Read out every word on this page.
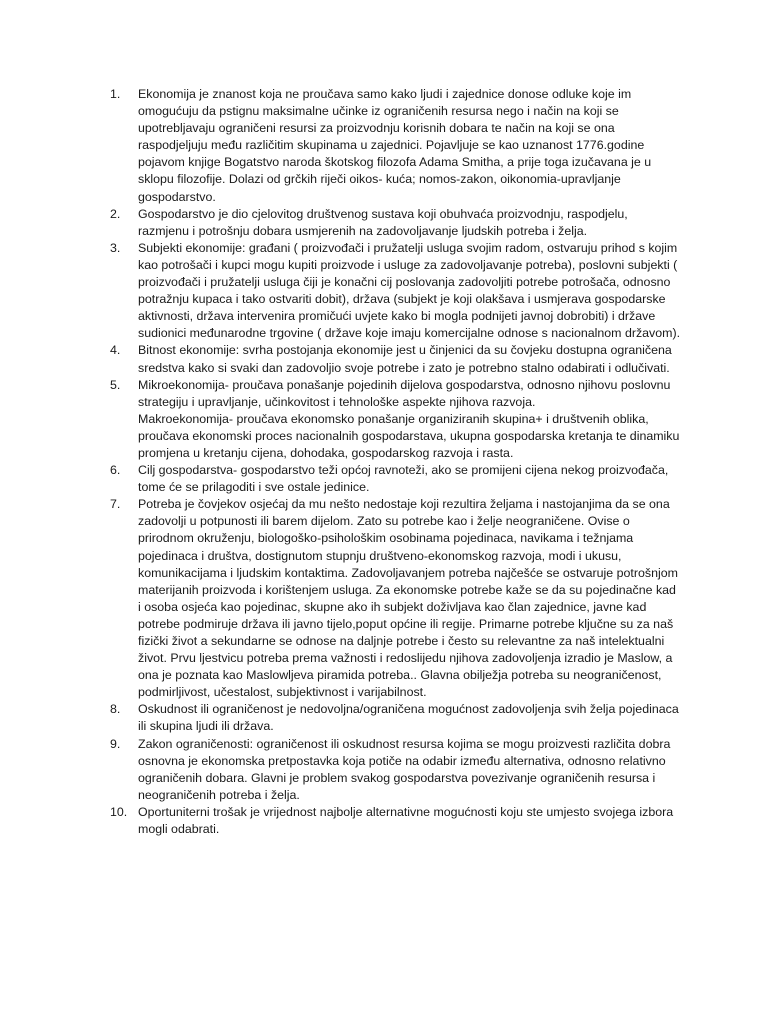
1.	Ekonomija je znanost koja ne proučava samo kako ljudi i zajednice donose odluke koje im omogućuju da pstignu maksimalne učinke iz ograničenih resursa nego i način na koji se upotrebljavaju ograničeni resursi za proizvodnju korisnih dobara te način na koji se ona raspodjeljuju među različitim skupinama u zajednici. Pojavljuje se kao uznanost 1776.godine pojavom knjige Bogatstvo naroda škotskog filozofa Adama Smitha, a prije toga izučavana je u sklopu filozofije. Dolazi od grčkih riječi oikos- kuća; nomos-zakon, oikonomia-upravljanje gospodarstvo.
2.	Gospodarstvo je dio cjelovitog društvenog sustava koji obuhvaća proizvodnju, raspodjelu, razmjenu i potrošnju dobara usmjerenih na zadovoljavanje ljudskih potreba i želja.
3.	Subjekti ekonomije: građani ( proizvođači i pružatelji usluga svojim radom, ostvaruju prihod s kojim kao potrošači i kupci mogu kupiti proizvode i usluge za zadovoljavanje potreba), poslovni subjekti ( proizvođači i pružatelji usluga čiji je konačni cij poslovanja zadovoljiti potrebe potrošača, odnosno potražnju kupaca i tako ostvariti dobit), država (subjekt je koji olakšava i usmjerava gospodarske aktivnosti, država intervenira promičući uvjete kako bi mogla podnijeti javnoj dobrobiti) i države sudionici međunarodne trgovine ( države koje imaju komercijalne odnose s nacionalnom državom).
4.	Bitnost ekonomije: svrha postojanja ekonomije jest u činjenici da su čovjeku dostupna ograničena sredstva kako si svaki dan zadovoljio svoje potrebe i zato je potrebno stalno odabirati i odlučivati.
5.	Mikroekonomija- proučava ponašanje pojedinih dijelova gospodarstva, odnosno njihovu poslovnu strategiju i upravljanje, učinkovitost i tehnološke aspekte njihova razvoja.
Makroekonomija- proučava ekonomsko ponašanje organiziranih skupina+ i društvenih oblika, proučava ekonomski proces nacionalnih gospodarstava, ukupna gospodarska kretanja te dinamiku promjena u kretanju cijena, dohodaka, gospodarskog razvoja i rasta.
6.	Cilj gospodarstva- gospodarstvo teži općoj ravnoteži, ako se promijeni cijena nekog proizvođača, tome će se prilagoditi i sve ostale jedinice.
7.	Potreba je čovjekov osjećaj da mu nešto nedostaje koji rezultira željama i nastojanjima da se ona zadovolji u potpunosti ili barem dijelom. Zato su potrebe kao i želje neograničene. Ovise o prirodnom okruženju, biologoško-psihološkim osobinama pojedinaca, navikama i težnjama pojedinaca i društva, dostignutom stupnju društveno-ekonomskog razvoja, modi i ukusu, komunikacijama i ljudskim kontaktima. Zadovoljavanjem potreba najčešće se ostvaruje potrošnjom materijanih proizvoda i korištenjem usluga. Za ekonomske potrebe kaže se da su pojedinačne kad i osoba osjeća kao pojedinac, skupne ako ih subjekt doživljava kao član zajednice, javne kad potrebe podmiruje država ili javno tijelo,poput općine ili regije. Primarne potrebe ključne su za naš fizički život a sekundarne se odnose na daljnje potrebe i često su relevantne za naš intelektualni život. Prvu ljestvicu potreba prema važnosti i redoslijedu njihova zadovoljenja izradio je Maslow, a ona je poznata kao Maslowljeva piramida potreba.. Glavna obilježja potreba su neograničenost, podmirljivost, učestalost, subjektivnost i varijabilnost.
8.	Oskudnost ili ograničenost je nedovoljna/ograničena mogućnost zadovoljenja svih želja pojedinaca ili skupina ljudi ili država.
9.	Zakon ograničenosti: ograničenost ili oskudnost resursa kojima se mogu proizvesti različita dobra osnovna je ekonomska pretpostavka koja potiče na odabir između alternativa, odnosno relativno ograničenih dobara. Glavni je problem svakog gospodarstva povezivanje ograničenih resursa i neograničenih potreba i želja.
10. Oportuniterni trošak je vrijednost najbolje alternativne mogućnosti koju ste umjesto svojega izbora mogli odabrati.
